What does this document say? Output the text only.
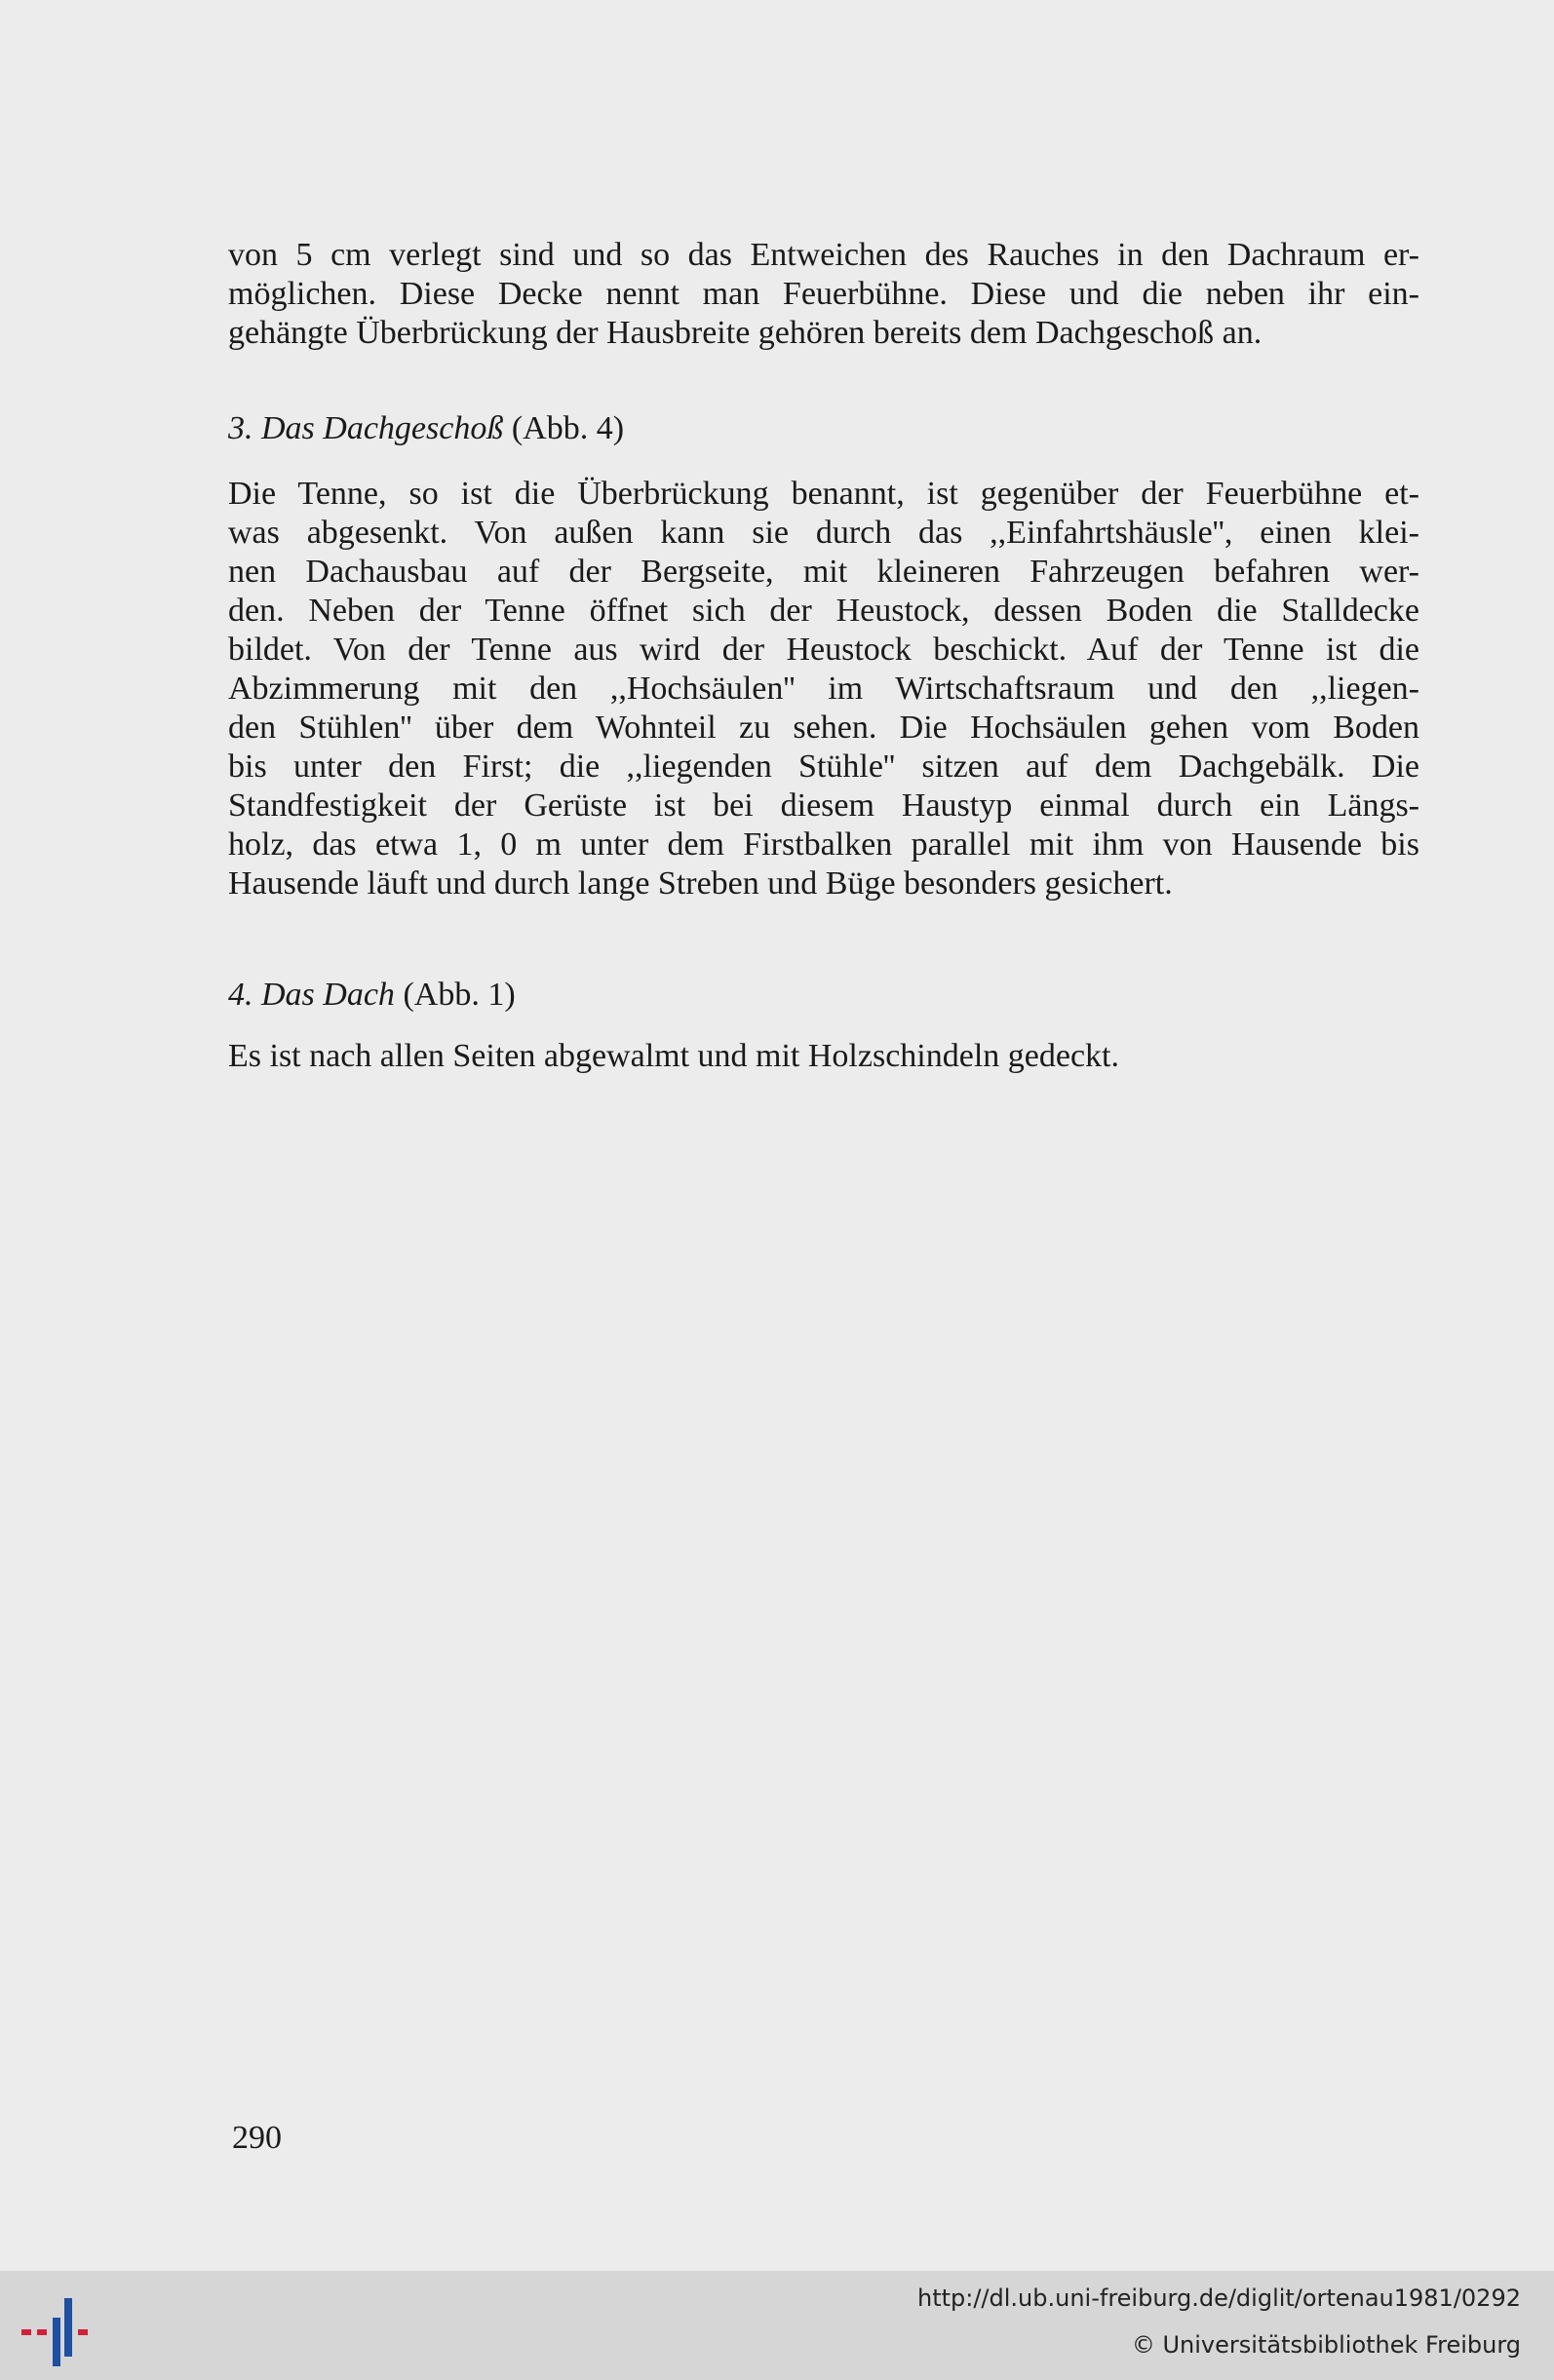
von 5 cm verlegt sind und so das Entweichen des Rauches in den Dachraum er-
möglichen. Diese Decke nennt man Feuerbühne. Diese und die neben ihr ein-
gehängte Überbrückung der Hausbreite gehören bereits dem Dachgeschoß an.
3. Das Dachgeschoß (Abb. 4)
Die Tenne, so ist die Überbrückung benannt, ist gegenüber der Feuerbühne et-
was abgesenkt. Von außen kann sie durch das ,,Einfahrtshäusle'', einen klei-
nen Dachausbau auf der Bergseite, mit kleineren Fahrzeugen befahren wer-
den. Neben der Tenne öffnet sich der Heustock, dessen Boden die Stalldecke
bildet. Von der Tenne aus wird der Heustock beschickt. Auf der Tenne ist die
Abzimmerung mit den ,,Hochsäulen'' im Wirtschaftsraum und den ,,liegen-
den Stühlen'' über dem Wohnteil zu sehen. Die Hochsäulen gehen vom Boden
bis unter den First; die ,,liegenden Stühle'' sitzen auf dem Dachgebälk. Die
Standfestigkeit der Gerüste ist bei diesem Haustyp einmal durch ein Längs-
holz, das etwa 1, 0 m unter dem Firstbalken parallel mit ihm von Hausende bis
Hausende läuft und durch lange Streben und Büge besonders gesichert.
4. Das Dach (Abb. 1)
Es ist nach allen Seiten abgewalmt und mit Holzschindeln gedeckt.
290
http://dl.ub.uni-freiburg.de/diglit/ortenau1981/0292
© Universitätsbibliothek Freiburg
